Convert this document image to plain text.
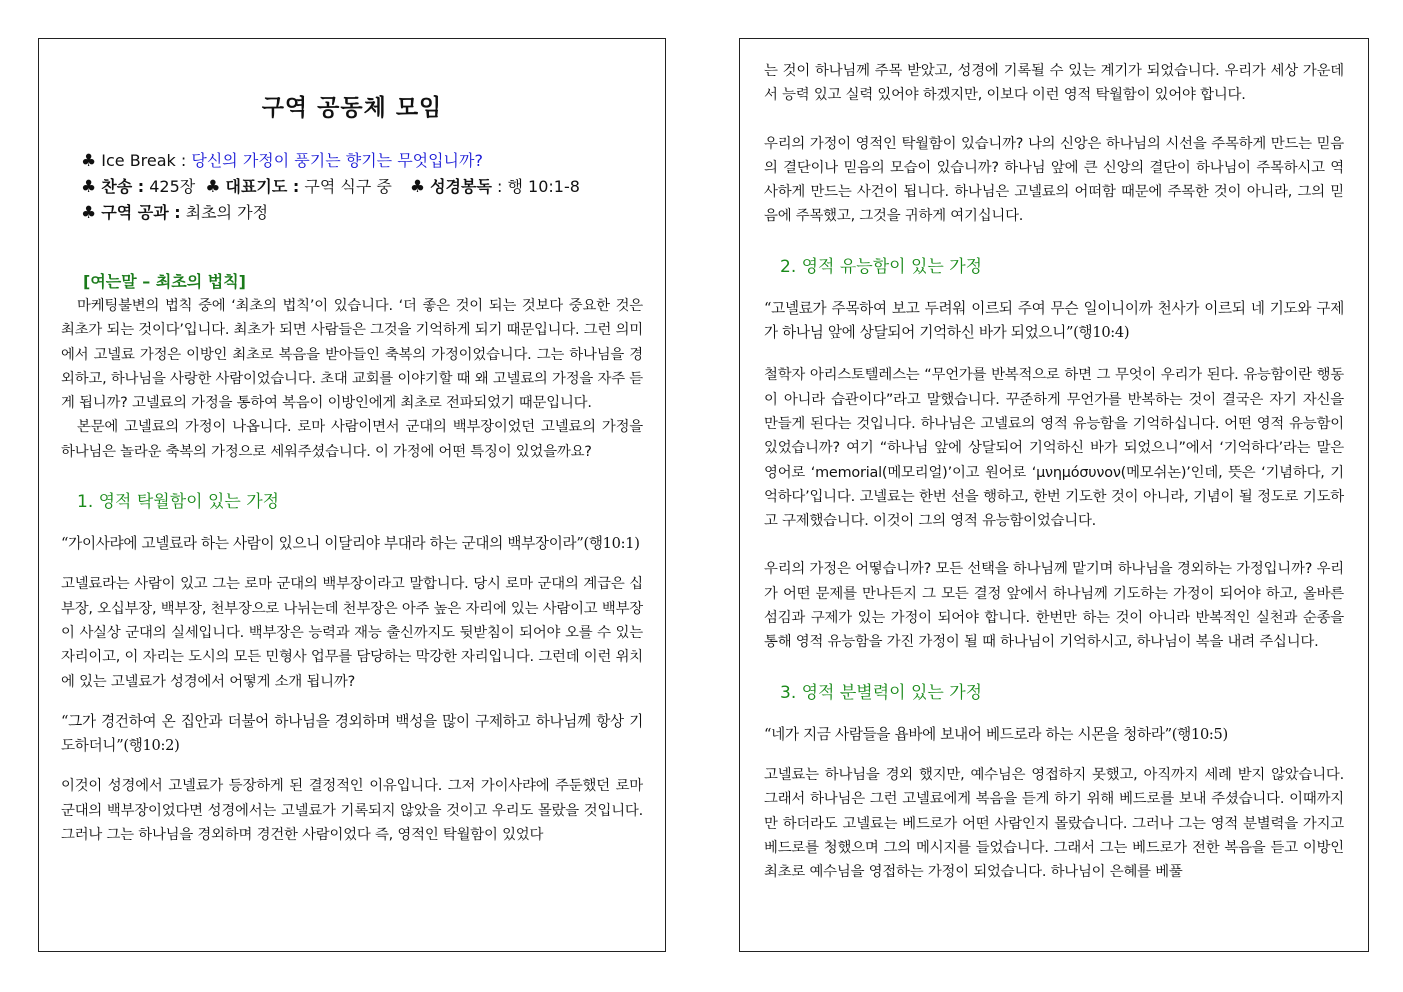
구역 공동체 모임
♣ Ice Break : 당신의 가정이 풍기는 향기는 무엇입니까?
♣ 찬송 : 425장 ♣ 대표기도 : 구역 식구 중 ♣ 성경봉독 : 행 10:1-8
♣ 구역 공과 : 최초의 가정
[여는말 – 최초의 법칙]

마케팅불변의 법칙 중에 ‘최초의 법칙’이 있습니다. ‘더 좋은 것이 되는 것보다 중요한 것은 최초가 되는 것이다’입니다. 최초가 되면 사람들은 그것을 기억하게 되기 때문입니다. 그런 의미에서 고넬료 가정은 이방인 최초로 복음을 받아들인 축복의 가정이었습니다. 그는 하나님을 경외하고, 하나님을 사랑한 사람이었습니다. 초대 교회를 이야기할 때 왜 고넬료의 가정을 자주 듣게 됩니까? 고넬료의 가정을 통하여 복음이 이방인에게 최초로 전파되었기 때문입니다.

본문에 고넬료의 가정이 나옵니다. 로마 사람이면서 군대의 백부장이었던 고넬료의 가정을 하나님은 놀라운 축복의 가정으로 세워주셨습니다. 이 가정에 어떤 특징이 있었을까요?

1. 영적 탁월함이 있는 가정

“가이사랴에 고넬료라 하는 사람이 있으니 이달리야 부대라 하는 군대의 백부장이라”(행10:1)

고넬료라는 사람이 있고 그는 로마 군대의 백부장이라고 말합니다. 당시 로마 군대의 계급은 십부장, 오십부장, 백부장, 천부장으로 나뉘는데 천부장은 아주 높은 자리에 있는 사람이고 백부장이 사실상 군대의 실세입니다. 백부장은 능력과 재능 출신까지도 뒷받침이 되어야 오를 수 있는 자리이고, 이 자리는 도시의 모든 민형사 업무를 담당하는 막강한 자리입니다. 그런데 이런 위치에 있는 고넬료가 성경에서 어떻게 소개 됩니까?

“그가 경건하여 온 집안과 더불어 하나님을 경외하며 백성을 많이 구제하고 하나님께 항상 기도하더니”(행10:2)

이것이 성경에서 고넬료가 등장하게 된 결정적인 이유입니다. 그저 가이사랴에 주둔했던 로마 군대의 백부장이었다면 성경에서는 고넬료가 기록되지 않았을 것이고 우리도 몰랐을 것입니다. 그러나 그는 하나님을 경외하며 경건한 사람이었다 즉, 영적인 탁월함이 있었다

는 것이 하나님께 주목 받았고, 성경에 기록될 수 있는 계기가 되었습니다. 우리가 세상 가운데서 능력 있고 실력 있어야 하겠지만, 이보다 이런 영적 탁월함이 있어야 합니다.

우리의 가정이 영적인 탁월함이 있습니까? 나의 신앙은 하나님의 시선을 주목하게 만드는 믿음의 결단이나 믿음의 모습이 있습니까? 하나님 앞에 큰 신앙의 결단이 하나님이 주목하시고 역사하게 만드는 사건이 됩니다. 하나님은 고넬료의 어떠함 때문에 주목한 것이 아니라, 그의 믿음에 주목했고, 그것을 귀하게 여기십니다.

2. 영적 유능함이 있는 가정

“고넬료가 주목하여 보고 두려워 이르되 주여 무슨 일이니이까 천사가 이르되 네 기도와 구제가 하나님 앞에 상달되어 기억하신 바가 되었으니”(행10:4)

철학자 아리스토텔레스는 “무언가를 반복적으로 하면 그 무엇이 우리가 된다. 유능함이란 행동이 아니라 습관이다”라고 말했습니다. 꾸준하게 무언가를 반복하는 것이 결국은 자기 자신을 만들게 된다는 것입니다. 하나님은 고넬료의 영적 유능함을 기억하십니다. 어떤 영적 유능함이 있었습니까? 여기 “하나님 앞에 상달되어 기억하신 바가 되었으니”에서 ‘기억하다’라는 말은 영어로 ‘memorial(메모리얼)’이고 원어로 ‘μνημόσυνον(메모쉬논)’인데, 뜻은 ‘기념하다, 기억하다’입니다. 고넬료는 한번 선을 행하고, 한번 기도한 것이 아니라, 기념이 될 정도로 기도하고 구제했습니다. 이것이 그의 영적 유능함이었습니다.

우리의 가정은 어떻습니까? 모든 선택을 하나님께 맡기며 하나님을 경외하는 가정입니까? 우리가 어떤 문제를 만나든지 그 모든 결정 앞에서 하나님께 기도하는 가정이 되어야 하고, 올바른 섬김과 구제가 있는 가정이 되어야 합니다. 한번만 하는 것이 아니라 반복적인 실천과 순종을 통해 영적 유능함을 가진 가정이 될 때 하나님이 기억하시고, 하나님이 복을 내려 주십니다.

3. 영적 분별력이 있는 가정

“네가 지금 사람들을 욥바에 보내어 베드로라 하는 시몬을 청하라”(행10:5)

고넬료는 하나님을 경외 했지만, 예수님은 영접하지 못했고, 아직까지 세례 받지 않았습니다. 그래서 하나님은 그런 고넬료에게 복음을 듣게 하기 위해 베드로를 보내 주셨습니다. 이때까지만 하더라도 고넬료는 베드로가 어떤 사람인지 몰랐습니다. 그러나 그는 영적 분별력을 가지고 베드로를 청했으며 그의 메시지를 들었습니다. 그래서 그는 베드로가 전한 복음을 듣고 이방인 최초로 예수님을 영접하는 가정이 되었습니다. 하나님이 은혜를 베풀
